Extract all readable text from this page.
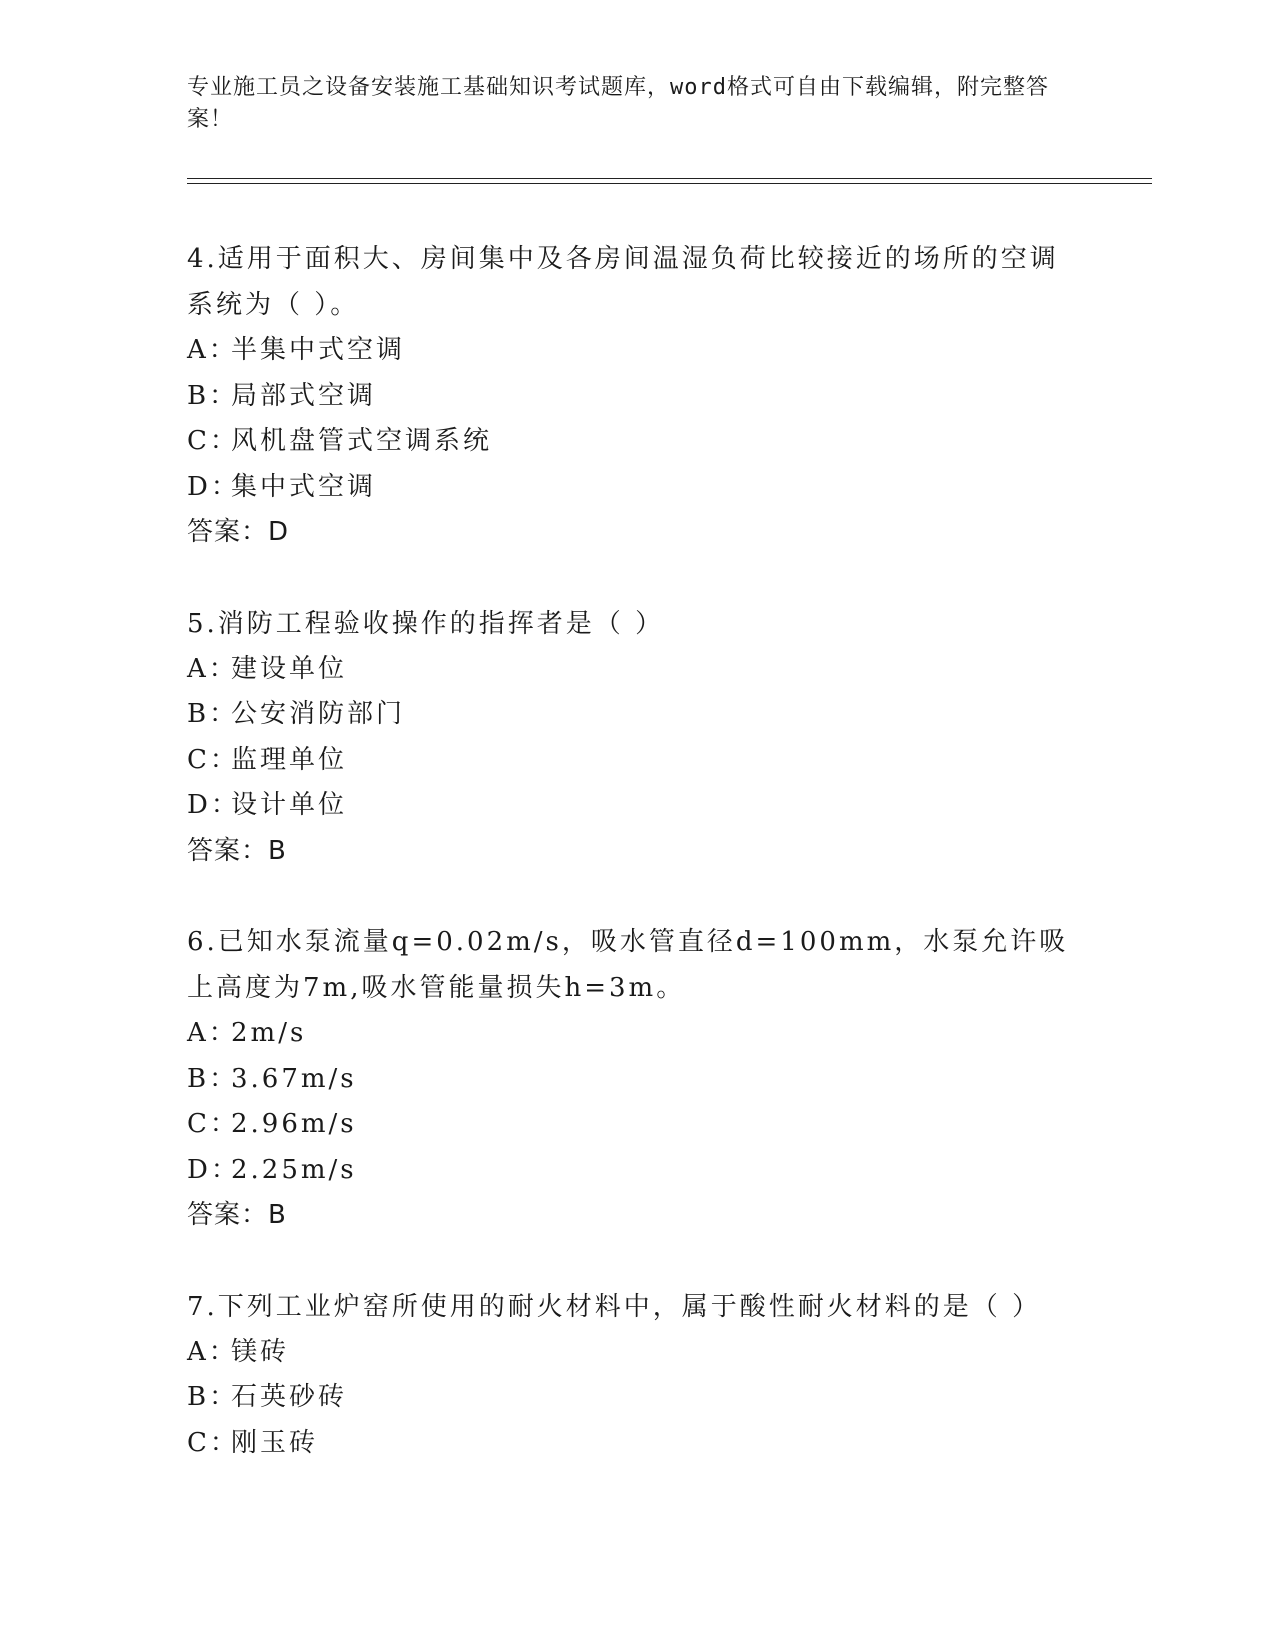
专业施工员之设备安装施工基础知识考试题库，word格式可自由下载编辑，附完整答案！
4.适用于面积大、房间集中及各房间温湿负荷比较接近的场所的空调系统为（ ）。
A：
半集中式空调
B：
局部式空调
C：
风机盘管式空调系统
D：
集中式空调
答案：D
5.消防工程验收操作的指挥者是（ ）
A：
建设单位
B：
公安消防部门
C：
监理单位
D：
设计单位
答案：B
6.已知水泵流量q=0.02m/s，吸水管直径d=100mm，水泵允许吸上高度为7m,吸水管能量损失h=3m。
A：
2m/s
B：
3.67m/s
C：
2.96m/s
D：
2.25m/s
答案：B
7.下列工业炉窑所使用的耐火材料中，属于酸性耐火材料的是（ ）
A：
镁砖
B：
石英砂砖
C：
刚玉砖
